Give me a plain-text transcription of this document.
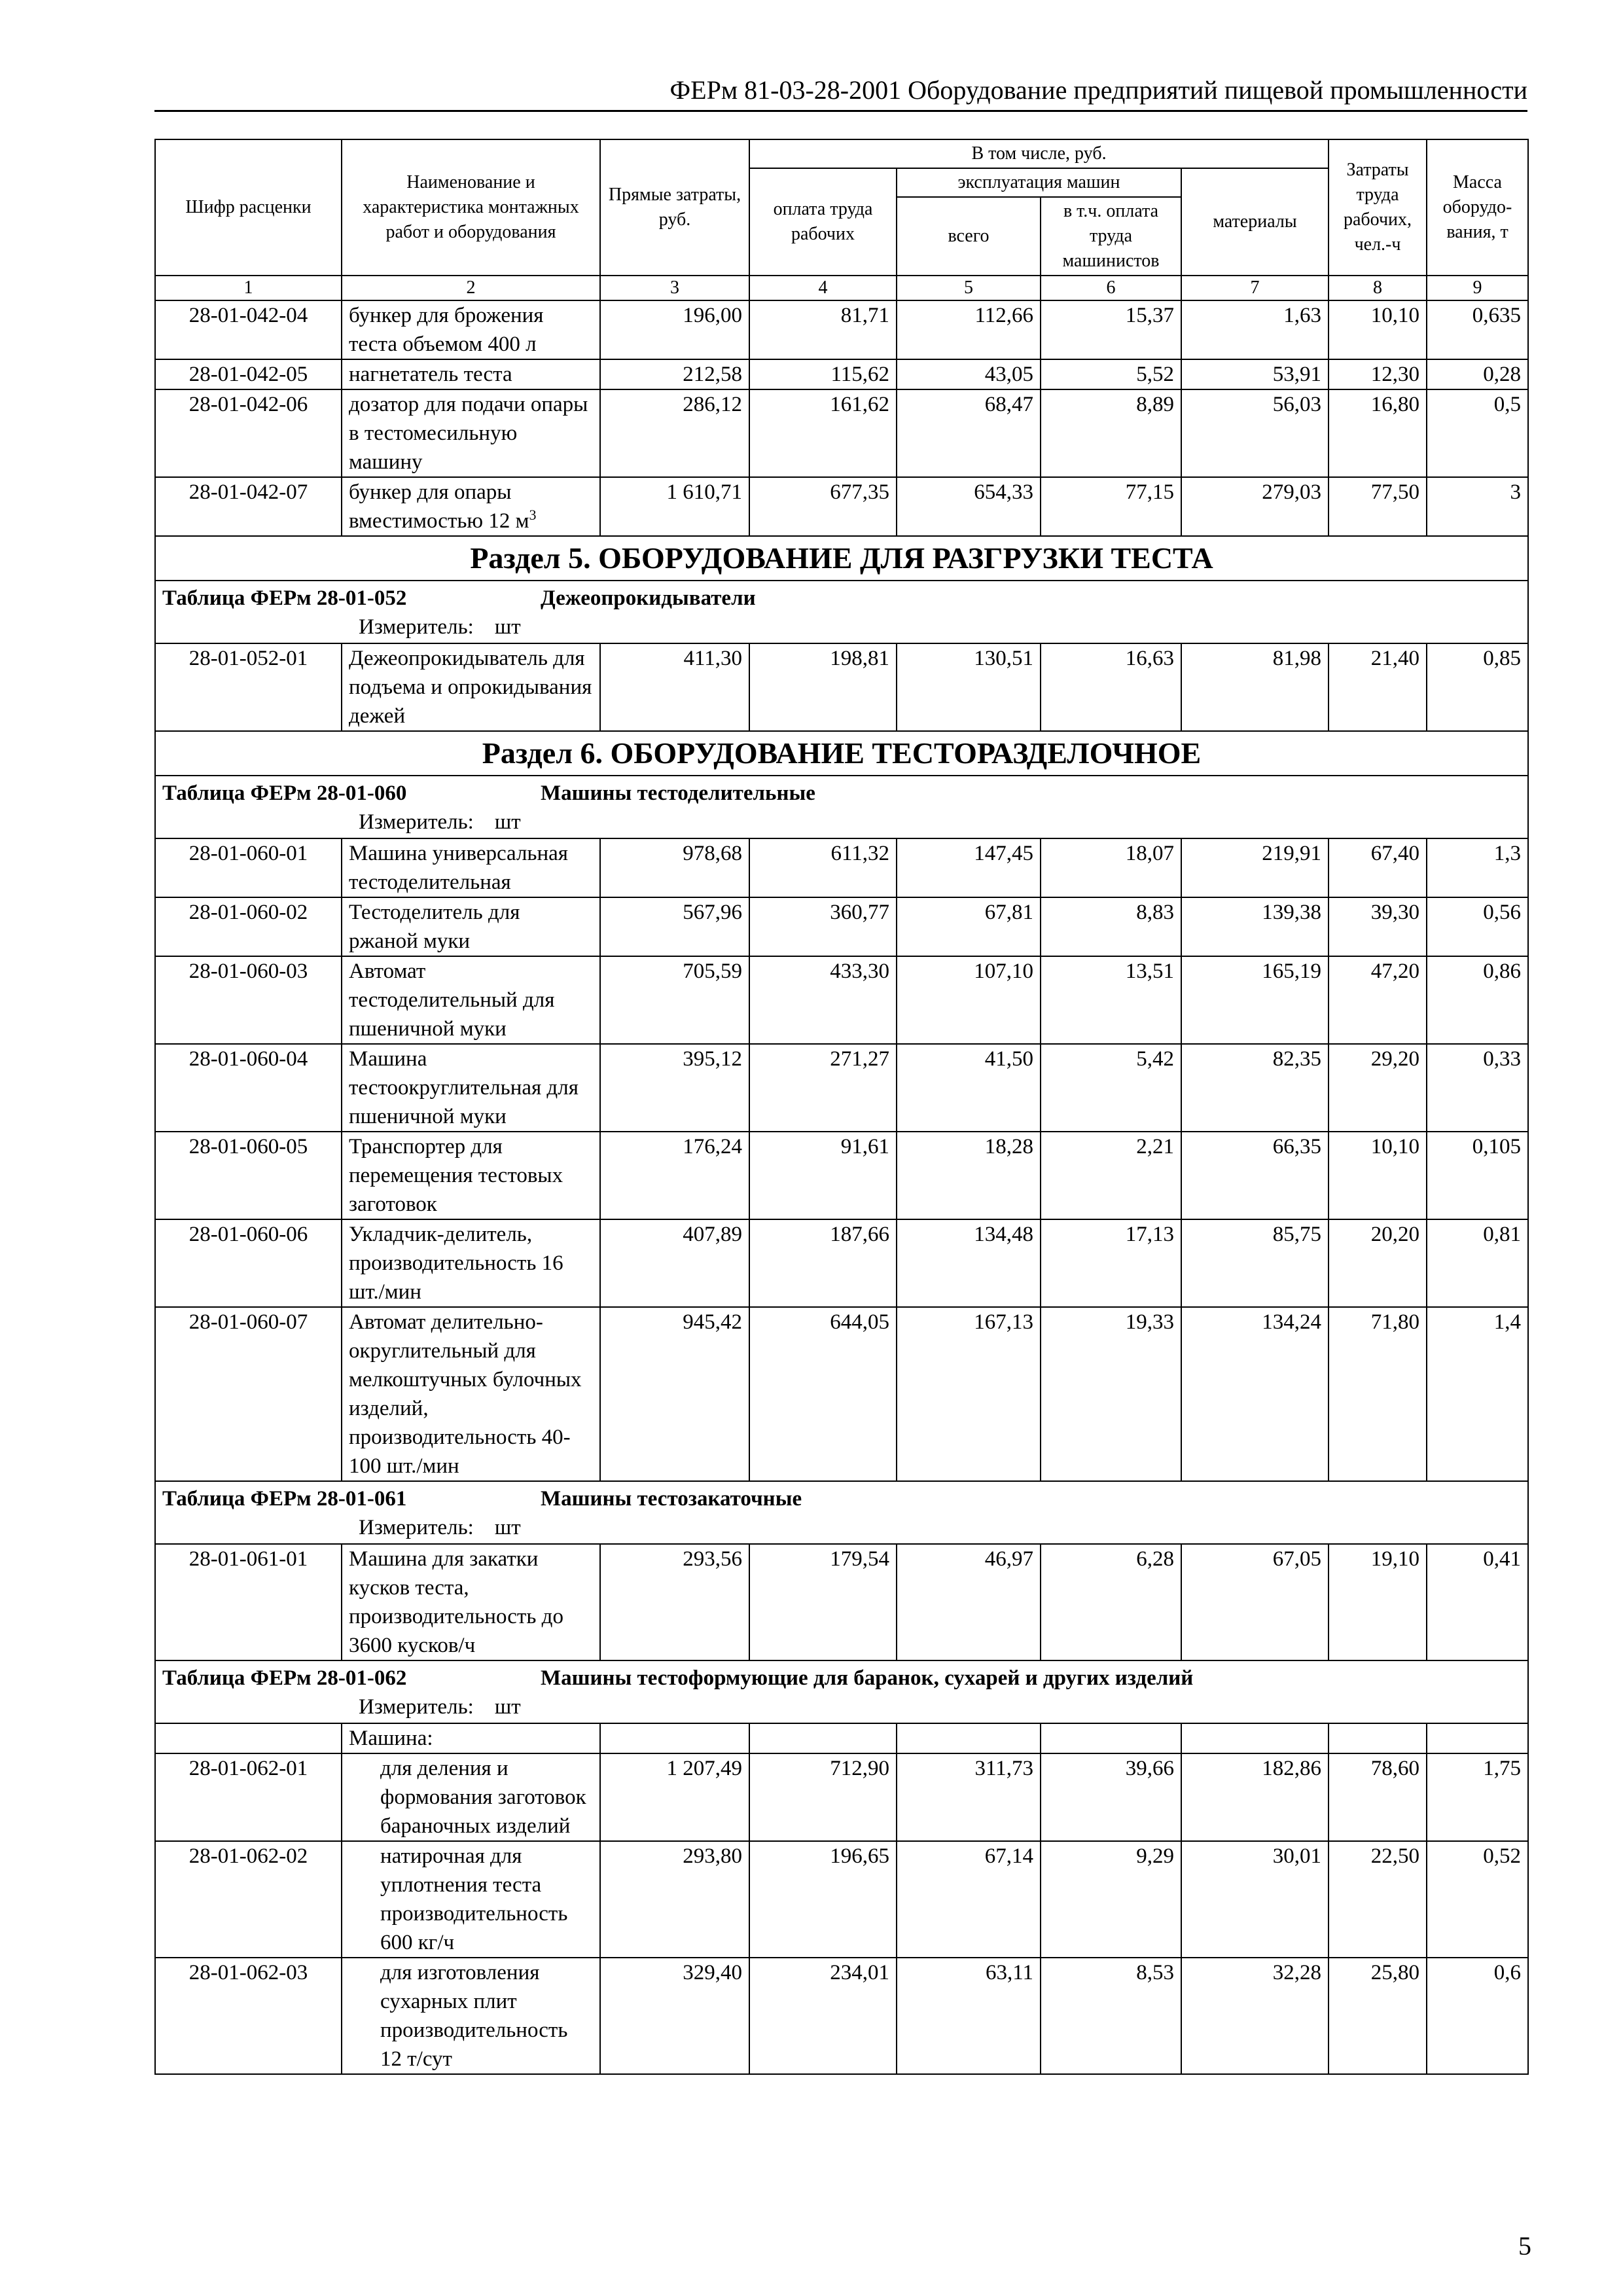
ФЕРм 81-03-28-2001 Оборудование предприятий пищевой промышленности
Шифр расценки	Наименование и характеристика монтажных работ и оборудования	Прямые затраты, руб.	В том числе, руб.				Затраты труда рабочих, чел.-ч	Масса оборудо-вания, т
			оплата труда рабочих	эксплуатация машин		материалы		
				всего	в т.ч. оплата труда машинистов			
1	2	3	4	5	6	7	8	9
28-01-042-04	бункер для брожения теста объемом 400 л	196,00	81,71	112,66	15,37	1,63	10,10	0,635
28-01-042-05	нагнетатель теста	212,58	115,62	43,05	5,52	53,91	12,30	0,28
28-01-042-06	дозатор для подачи опары в тестомесильную машину	286,12	161,62	68,47	8,89	56,03	16,80	0,5
28-01-042-07	бункер для опары вместимостью 12 $м^3$	1 610,71	677,35	654,33	77,15	279,03	77,50	3
Раздел 5. ОБОРУДОВАНИЕ ДЛЯ РАЗГРУЗКИ ТЕСТА								
Таблица ФЕРм 28-01-052 Дежеопрокидыватели								
Измеритель: шт								
28-01-052-01	Дежеопрокидыватель для подъема и опрокидывания дежей	411,30	198,81	130,51	16,63	81,98	21,40	0,85
Раздел 6. ОБОРУДОВАНИЕ ТЕСТОРАЗДЕЛОЧНОЕ								
Таблица ФЕРм 28-01-060 Машины тестоделительные								
Измеритель: шт								
28-01-060-01	Машина универсальная тестоделительная	978,68	611,32	147,45	18,07	219,91	67,40	1,3
28-01-060-02	Тестоделитель для ржаной муки	567,96	360,77	67,81	8,83	139,38	39,30	0,56
28-01-060-03	Автомат тестоделительный для пшеничной муки	705,59	433,30	107,10	13,51	165,19	47,20	0,86
28-01-060-04	Машина тестоокруглительная для пшеничной муки	395,12	271,27	41,50	5,42	82,35	29,20	0,33
28-01-060-05	Транспортер для перемещения тестовых заготовок	176,24	91,61	18,28	2,21	66,35	10,10	0,105
28-01-060-06	Укладчик-делитель, производительность 16 шт./мин	407,89	187,66	134,48	17,13	85,75	20,20	0,81
28-01-060-07	Автомат делительно-округлительный для мелкоштучных булочных изделий, производительность 40-100 шт./мин	945,42	644,05	167,13	19,33	134,24	71,80	1,4
Таблица ФЕРм 28-01-061 Машины тестозакаточные								
Измеритель: шт								
28-01-061-01	Машина для закатки кусков теста, производительность до 3600 кусков/ч	293,56	179,54	46,97	6,28	67,05	19,10	0,41
Таблица ФЕРм 28-01-062 Машины тестоформующие для баранок, сухарей и других изделий								
Измеритель: шт								
	Машина:							
28-01-062-01	для деления и формования заготовок бараночных изделий	1 207,49	712,90	311,73	39,66	182,86	78,60	1,75
28-01-062-02	натирочная для уплотнения теста производительность 600 кг/ч	293,80	196,65	67,14	9,29	30,01	22,50	0,52
28-01-062-03	для изготовления сухарных плит производительность 12 т/сут	329,40	234,01	63,11	8,53	32,28	25,80	0,6
5
